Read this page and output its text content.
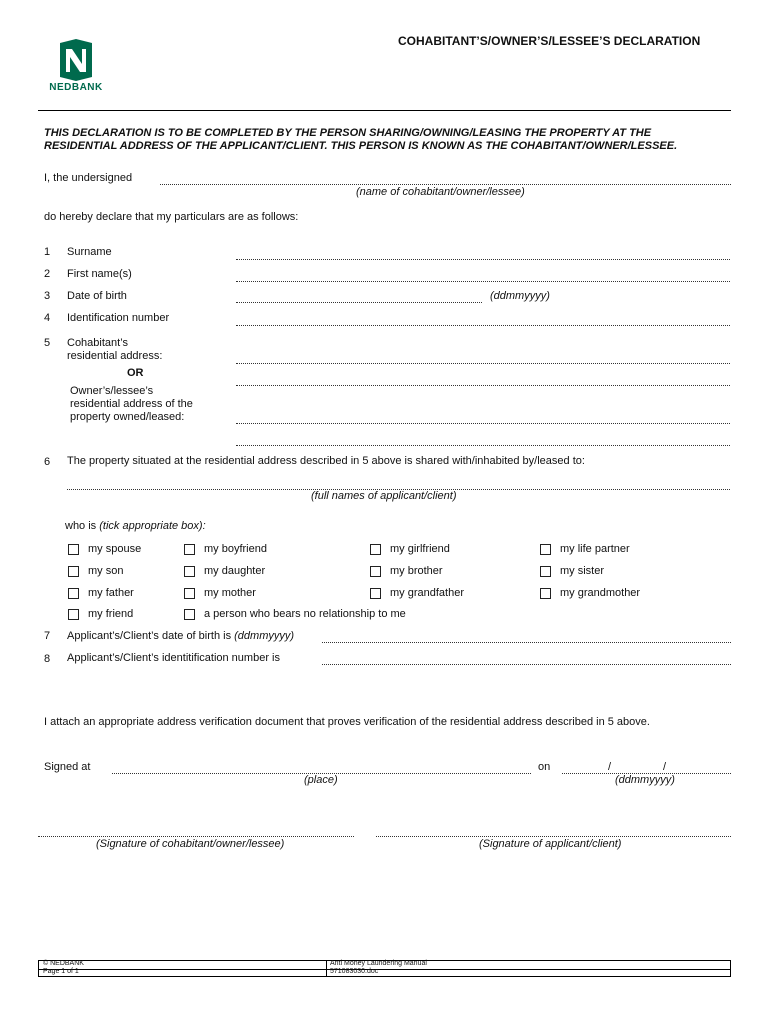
NEDBANK
COHABITANT’S/OWNER’S/LESSEE’S DECLARATION
THIS DECLARATION IS TO BE COMPLETED BY THE PERSON SHARING/OWNING/LEASING THE PROPERTY AT THE
RESIDENTIAL ADDRESS OF THE APPLICANT/CLIENT. THIS PERSON IS KNOWN AS THE COHABITANT/OWNER/LESSEE.
I, the undersigned
(name of cohabitant/owner/lessee)
do hereby declare that my particulars are as follows:
1 Surname
2 First name(s)
3 Date of birth	(ddmmyyyy)
4 Identification number
5 Cohabitant’s
residential address:
OR
Owner’s/lessee’s
residential address of the
property owned/leased:
6 The property situated at the residential address described in 5 above is shared with/inhabited by/leased to:
(full names of applicant/client)
who is (tick appropriate box):
my spouse	my boyfriend	my girlfriend	my life partner
my son	my daughter	my brother	my sister
my father	my mother	my grandfather	my grandmother
my friend	a person who bears no relationship to me
7 Applicant’s/Client’s date of birth is (ddmmyyyy)
8 Applicant’s/Client’s identitification number is
I attach an appropriate address verification document that proves verification of the residential address described in 5 above.
Signed at
(place)
on	/	/
(ddmmyyyy)
(Signature of cohabitant/owner/lessee)	(Signature of applicant/client)
© NEDBANK	Anti Money Laundering Manual
Page 1 of 1	571083030.doc
